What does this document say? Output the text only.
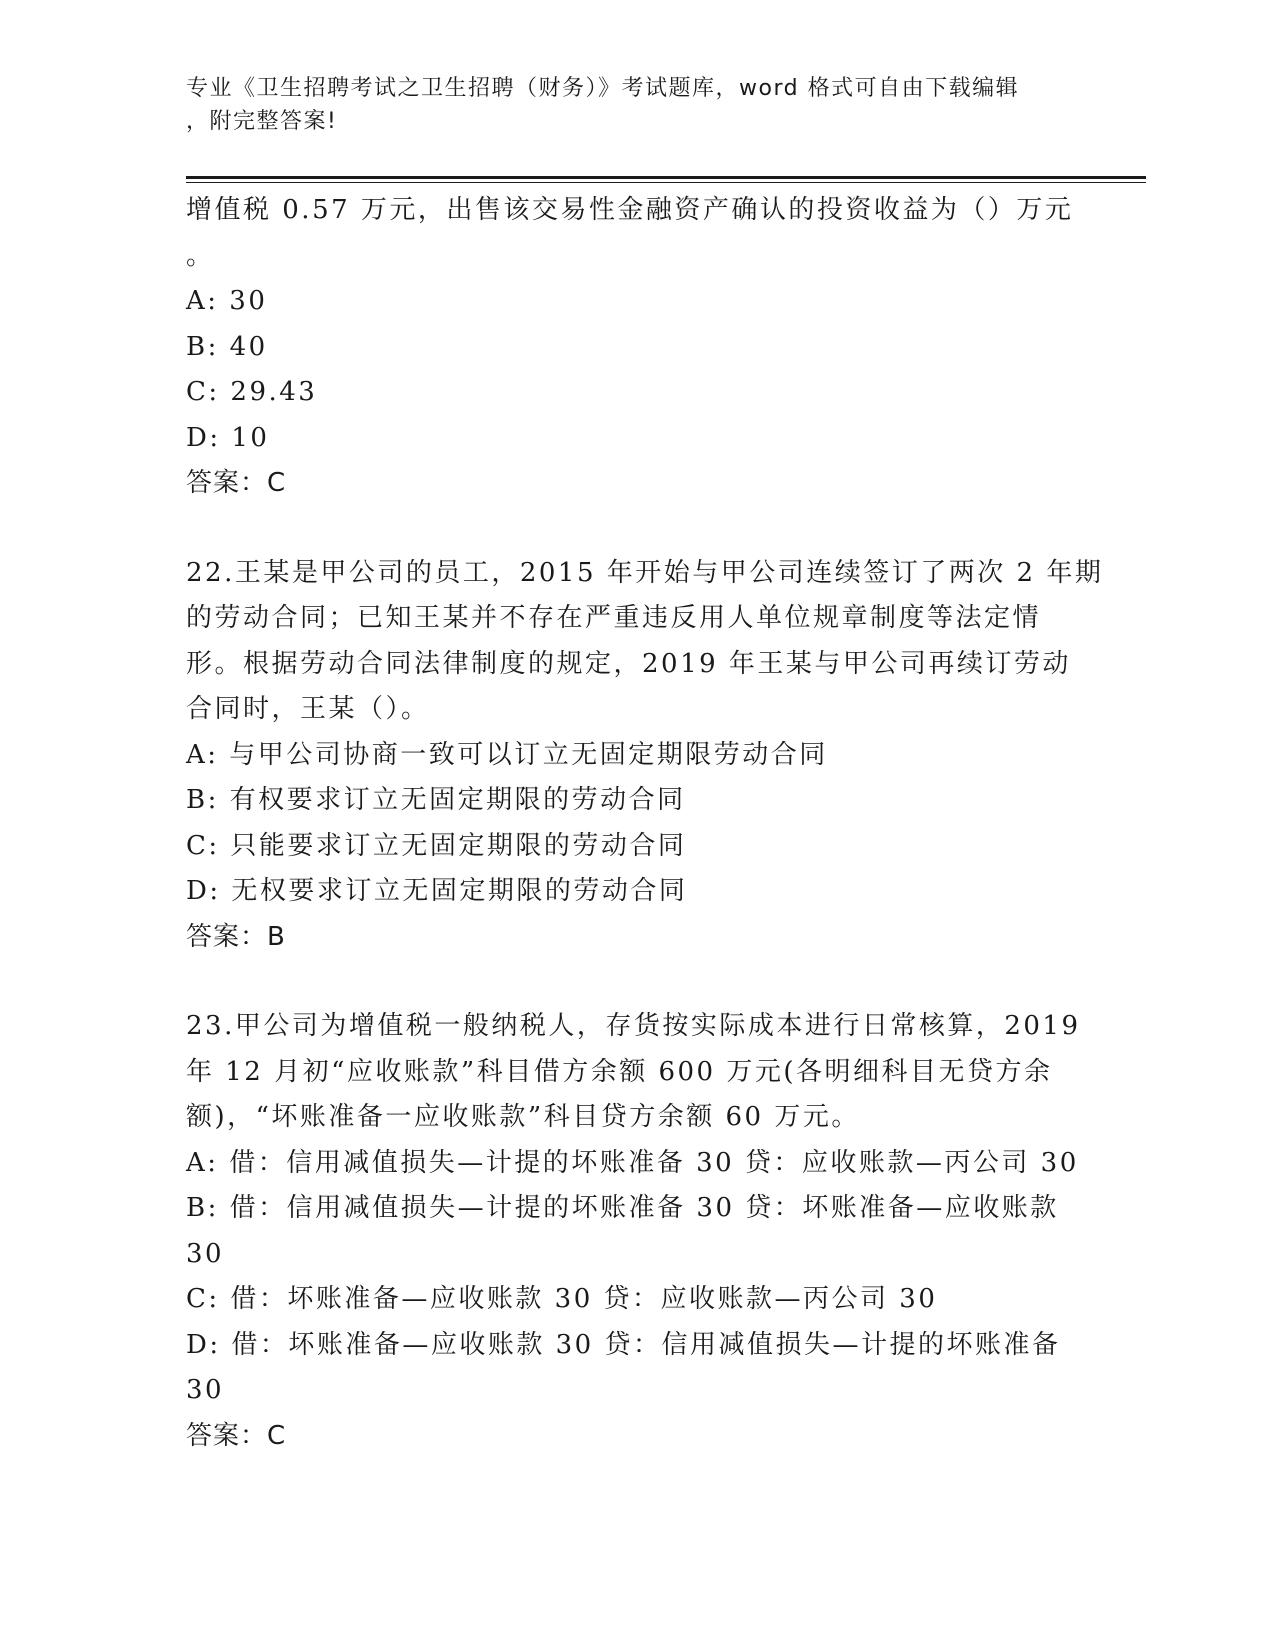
专业《卫生招聘考试之卫生招聘（财务）》考试题库，word 格式可自由下载编辑
，附完整答案!
增值税 0.57 万元，出售该交易性金融资产确认的投资收益为（）万元
。
A: 30
B: 40
C: 29.43
D: 10
答案：C
22.王某是甲公司的员工，2015 年开始与甲公司连续签订了两次 2 年期
的劳动合同；已知王某并不存在严重违反用人单位规章制度等法定情
形。根据劳动合同法律制度的规定，2019 年王某与甲公司再续订劳动
合同时，王某（）。
A: 与甲公司协商一致可以订立无固定期限劳动合同
B: 有权要求订立无固定期限的劳动合同
C: 只能要求订立无固定期限的劳动合同
D: 无权要求订立无固定期限的劳动合同
答案：B
23.甲公司为增值税一般纳税人，存货按实际成本进行日常核算，2019
年 12 月初“应收账款”科目借方余额 600 万元(各明细科目无贷方余
额)，“坏账准备一应收账款”科目贷方余额 60 万元。
A: 借：信用减值损失—计提的坏账准备 30 贷：应收账款—丙公司 30
B: 借：信用减值损失—计提的坏账准备 30 贷：坏账准备—应收账款
30
C: 借：坏账准备—应收账款 30 贷：应收账款—丙公司 30
D: 借：坏账准备—应收账款 30 贷：信用减值损失—计提的坏账准备
30
答案：C
